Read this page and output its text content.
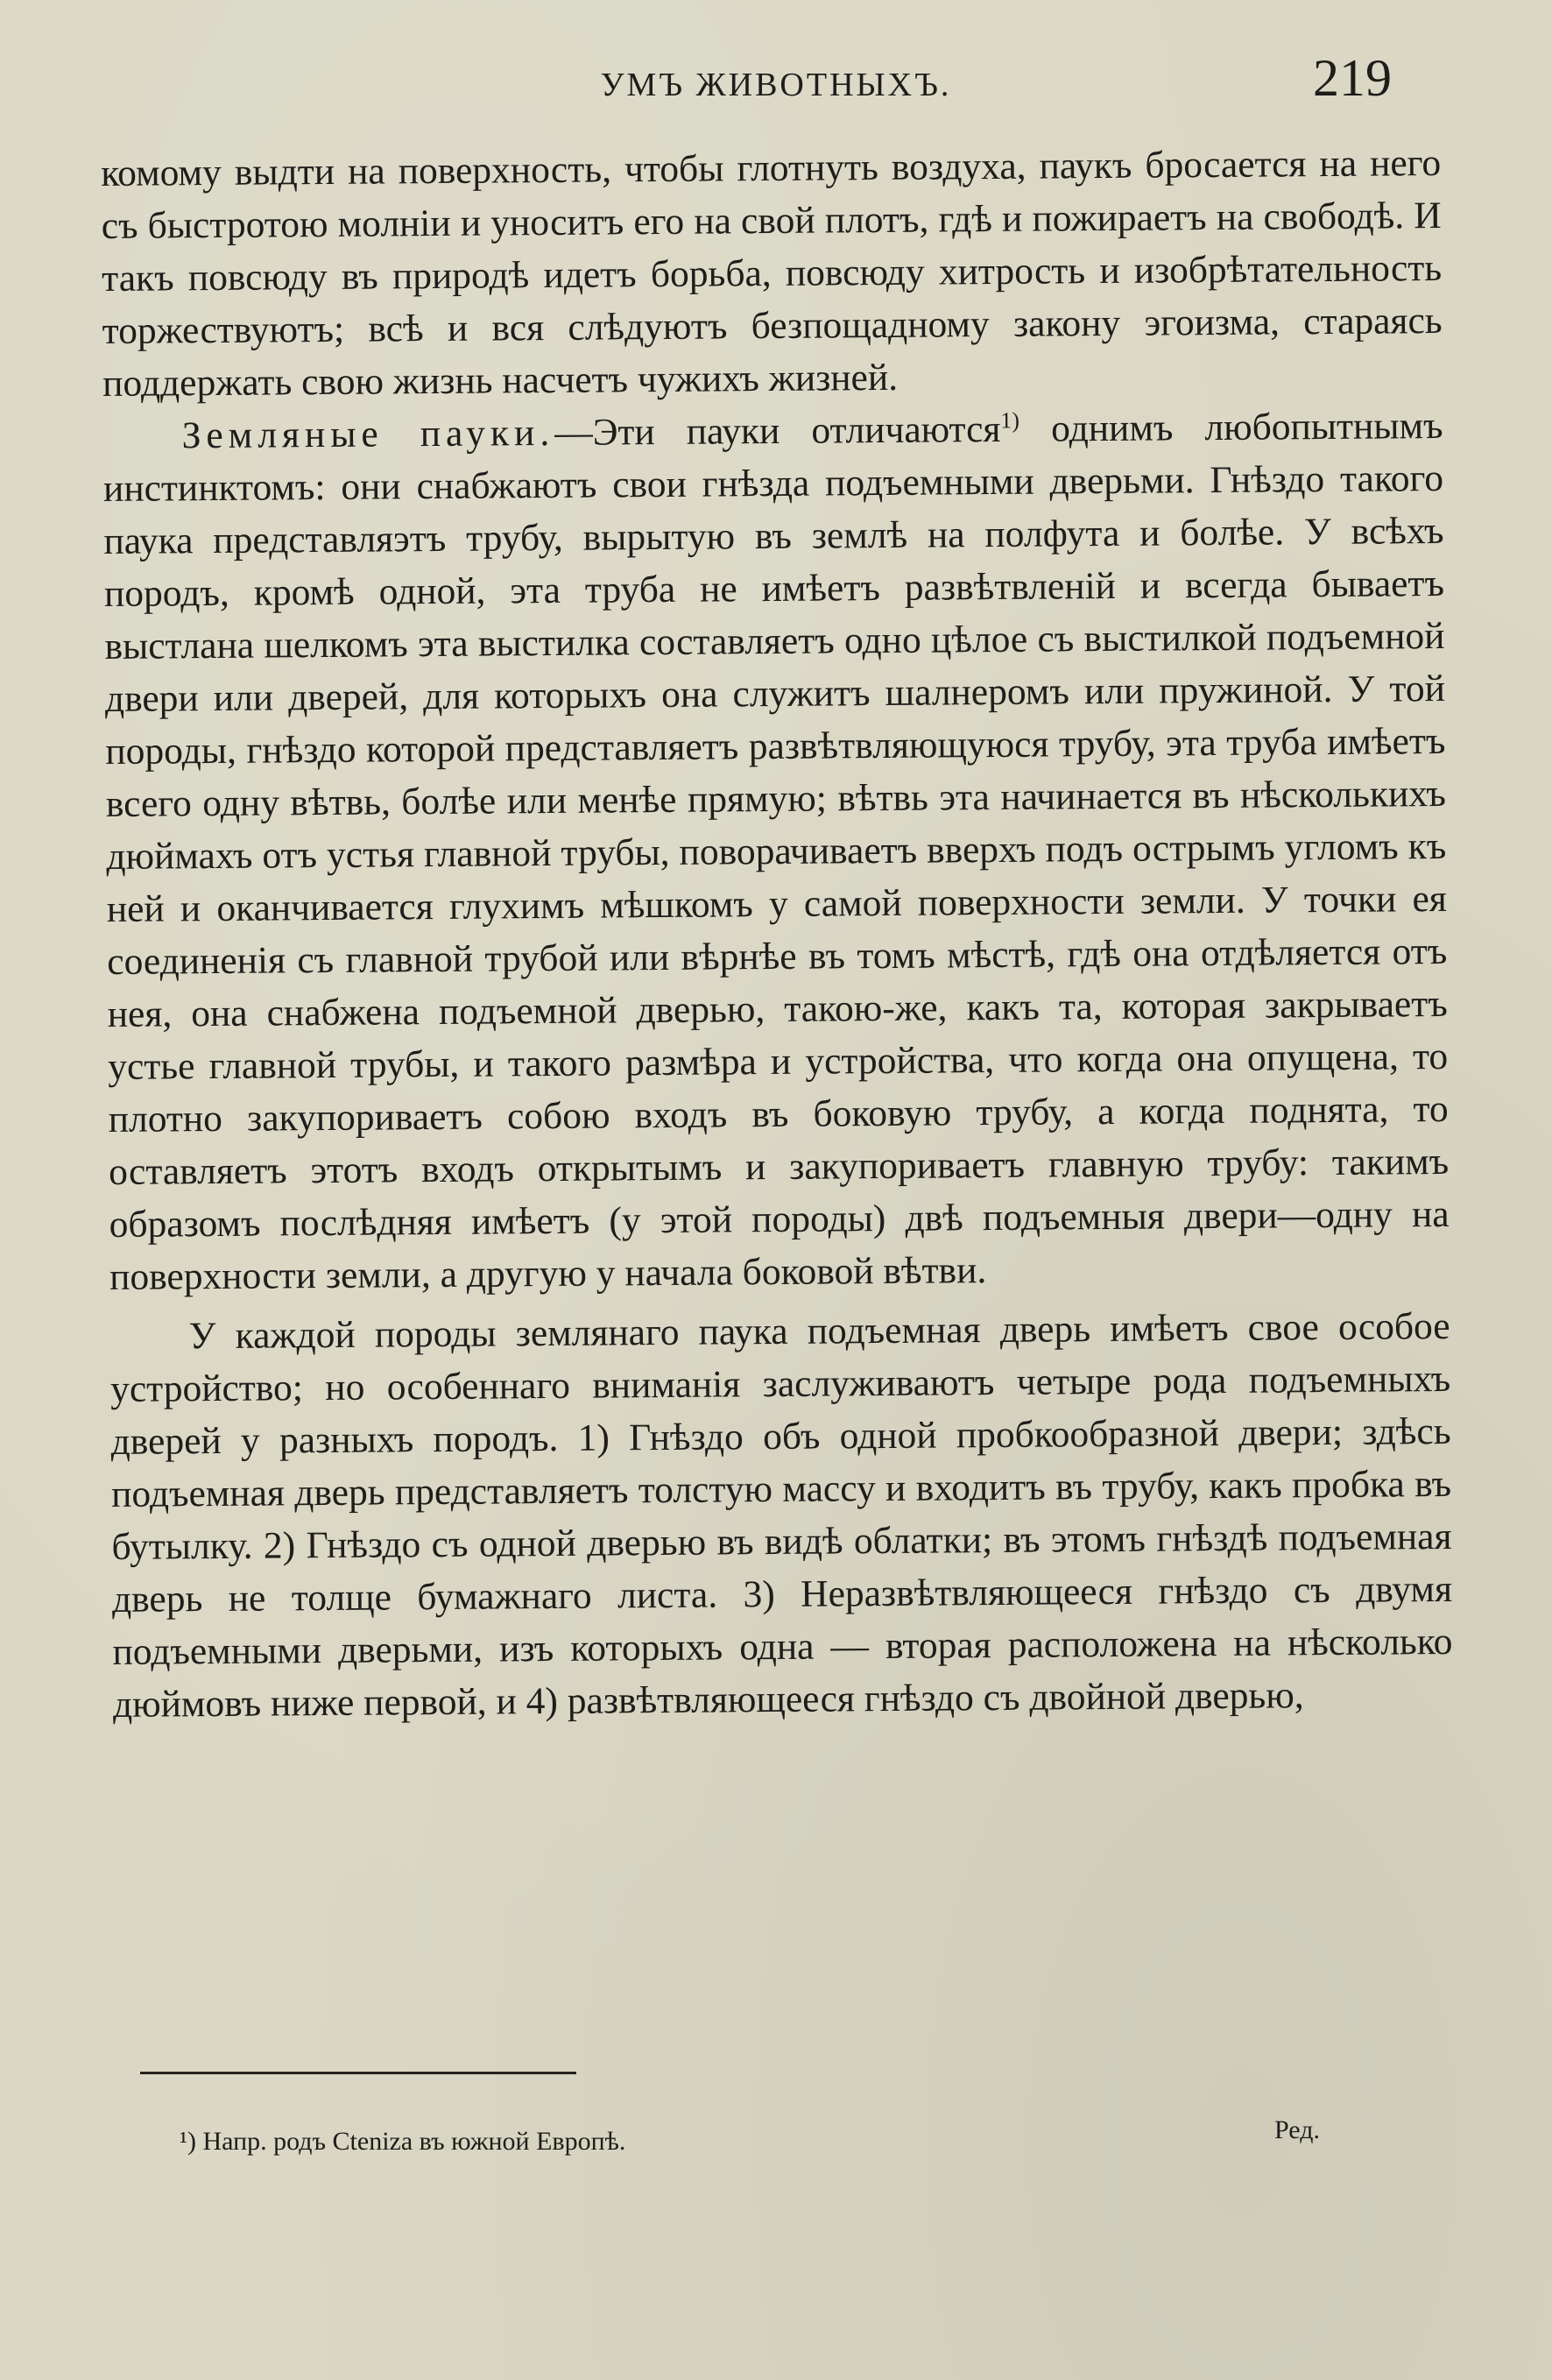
УМЪ ЖИВОТНЫХЪ.	219

комому выдти на поверхность, чтобы глотнуть воздуха, паукъ бросается на него съ быстротою молніи и уноситъ его на свой плотъ, гдѣ и пожираетъ на свободѣ. И такъ повсюду въ природѣ идетъ борьба, повсюду хитрость и изобрѣтательность торжествуютъ; всѣ и вся слѣдуютъ безпощадному закону эгоизма, стараясь поддержать свою жизнь насчетъ чужихъ жизней.

Земляные пауки.—Эти пауки отличаются$^{1)}$ однимъ любопытнымъ инстинктомъ: они снабжаютъ свои гнѣзда подъемными дверьми. Гнѣздо такого паука представляэтъ трубу, вырытую въ землѣ на полфута и болѣе. У всѣхъ породъ, кромѣ одной, эта труба не имѣетъ развѣтвленій и всегда бываетъ выстлана шелкомъ эта выстилка составляетъ одно цѣлое съ выстилкой подъемной двери или дверей, для которыхъ она служитъ шалнеромъ или пружиной. У той породы, гнѣздо которой представляетъ развѣтвляющуюся трубу, эта труба имѣетъ всего одну вѣтвь, болѣе или менѣе прямую; вѣтвь эта начинается въ нѣсколькихъ дюймахъ отъ устья главной трубы, поворачиваетъ вверхъ подъ острымъ угломъ къ ней и оканчивается глухимъ мѣшкомъ у самой поверхности земли. У точки ея соединенія съ главной трубой или вѣрнѣе въ томъ мѣстѣ, гдѣ она отдѣляется отъ нея, она снабжена подъемной дверью, такою-же, какъ та, которая закрываетъ устье главной трубы, и такого размѣра и устройства, что когда она опущена, то плотно закупориваетъ собою входъ въ боковую трубу, а когда поднята, то оставляетъ этотъ входъ открытымъ и закупориваетъ главную трубу: такимъ образомъ послѣдняя имѣетъ (у этой породы) двѣ подъемныя двери—одну на поверхности земли, а другую у начала боковой вѣтви.

У каждой породы землянаго паука подъемная дверь имѣетъ свое особое устройство; но особеннаго вниманія заслуживаютъ четыре рода подъемныхъ дверей у разныхъ породъ. 1) Гнѣздо объ одной пробкообразной двери; здѣсь подъемная дверь представляетъ толстую массу и входитъ въ трубу, какъ пробка въ бутылку. 2) Гнѣздо съ одной дверью въ видѣ облатки; въ этомъ гнѣздѣ подъемная дверь не толще бумажнаго листа. 3) Неразвѣтвляющееся гнѣздо съ двумя подъемными дверьми, изъ которыхъ одна — вторая расположена на нѣсколько дюймовъ ниже первой, и 4) развѣтвляющееся гнѣздо съ двойной дверью,

¹) Напр. родъ Cteniza въ южной Европѣ.	Ред.
